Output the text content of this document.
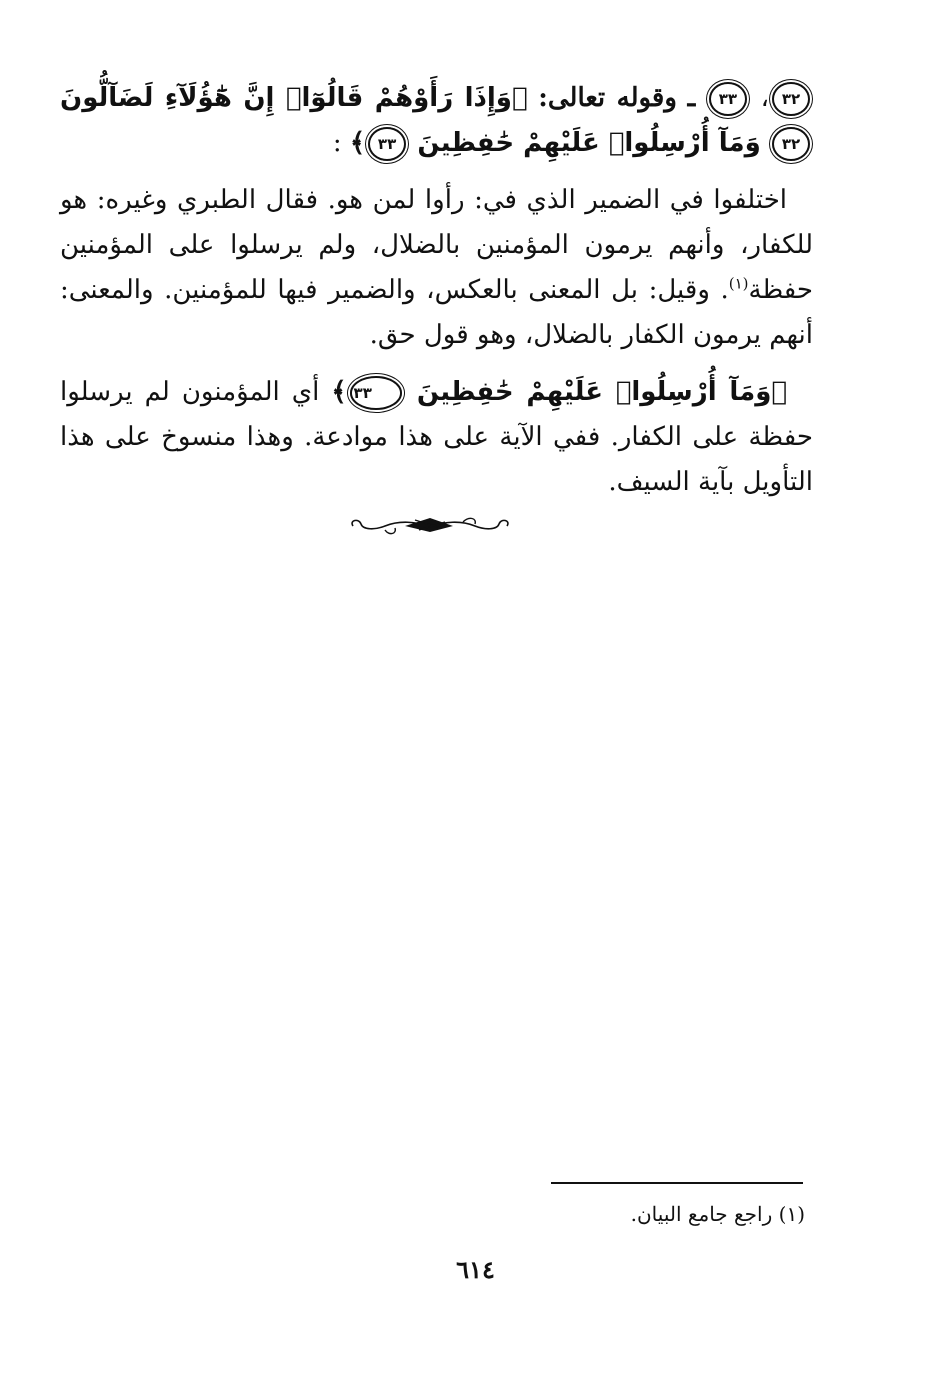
٣٢، ٣٣ ـ وقوله تعالى: ﴿وَإِذَا رَأَوْهُمْ قَالُوٓا۟ إِنَّ هَٰٓؤُلَآءِ لَضَآلُّونَ ٣٢ وَمَآ أُرْسِلُوا۟ عَلَيْهِمْ حَٰفِظِينَ ٣٣﴾ :

اختلفوا في الضمير الذي في: رأوا لمن هو. فقال الطبري وغيره: هو للكفار، وأنهم يرمون المؤمنين بالضلال، ولم يرسلوا على المؤمنين حفظة$^{(١)}$. وقيل: بل المعنى بالعكس، والضمير فيها للمؤمنين. والمعنى: أنهم يرمون الكفار بالضلال، وهو قول حق.

﴿وَمَآ أُرْسِلُوا۟ عَلَيْهِمْ حَٰفِظِينَ ٣٣﴾ أي المؤمنون لم يرسلوا حفظة على الكفار. ففي الآية على هذا موادعة. وهذا منسوخ على هذا التأويل بآية السيف.

(١) راجع جامع البيان.
٦١٤
